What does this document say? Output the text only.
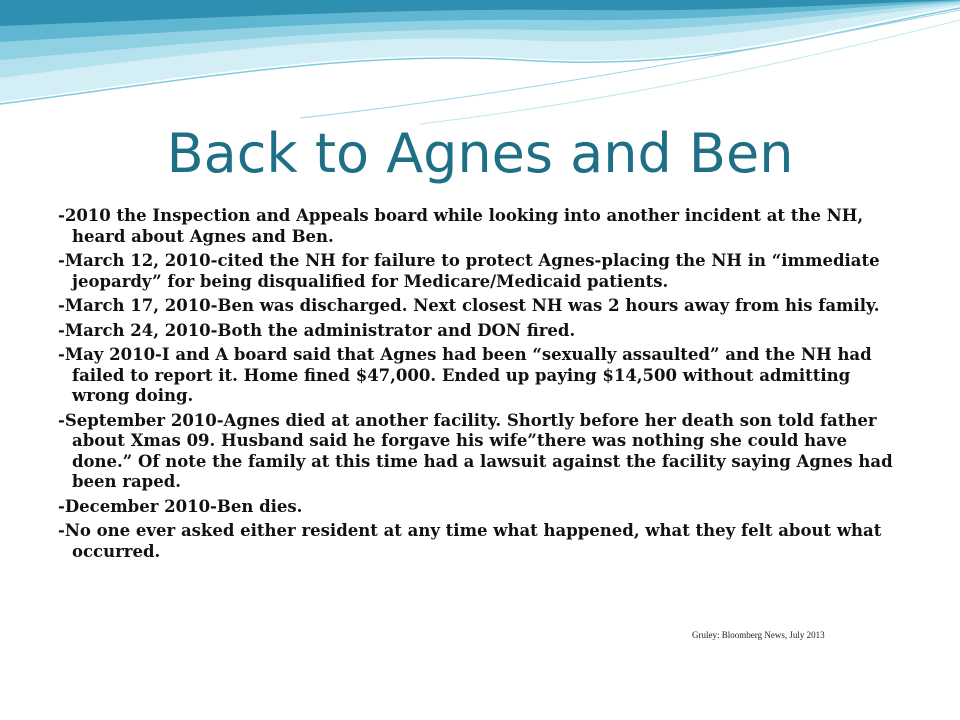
Back to Agnes and Ben
-2010 the Inspection and Appeals board while looking into another incident at the NH, heard about Agnes and Ben.
-March 12, 2010-cited the NH for failure to protect Agnes-placing the NH in “immediate jeopardy” for being disqualified for Medicare/Medicaid patients.
-March 17, 2010-Ben was discharged. Next closest NH was 2 hours away from his family.
-March 24, 2010-Both the administrator and DON fired.
-May 2010-I and A board said that Agnes had been “sexually assaulted” and the NH had failed to report it. Home fined $47,000. Ended up paying $14,500 without admitting wrong doing.
-September 2010-Agnes died at another facility. Shortly before her death son told father about Xmas 09. Husband said he forgave his wife”there was nothing she could have done.” Of note the family at this time had a lawsuit against the facility saying Agnes had been raped.
-December 2010-Ben dies.
-No one ever asked either resident at any time what happened, what they felt about what occurred.

Gruley: Bloomberg News, July 2013
